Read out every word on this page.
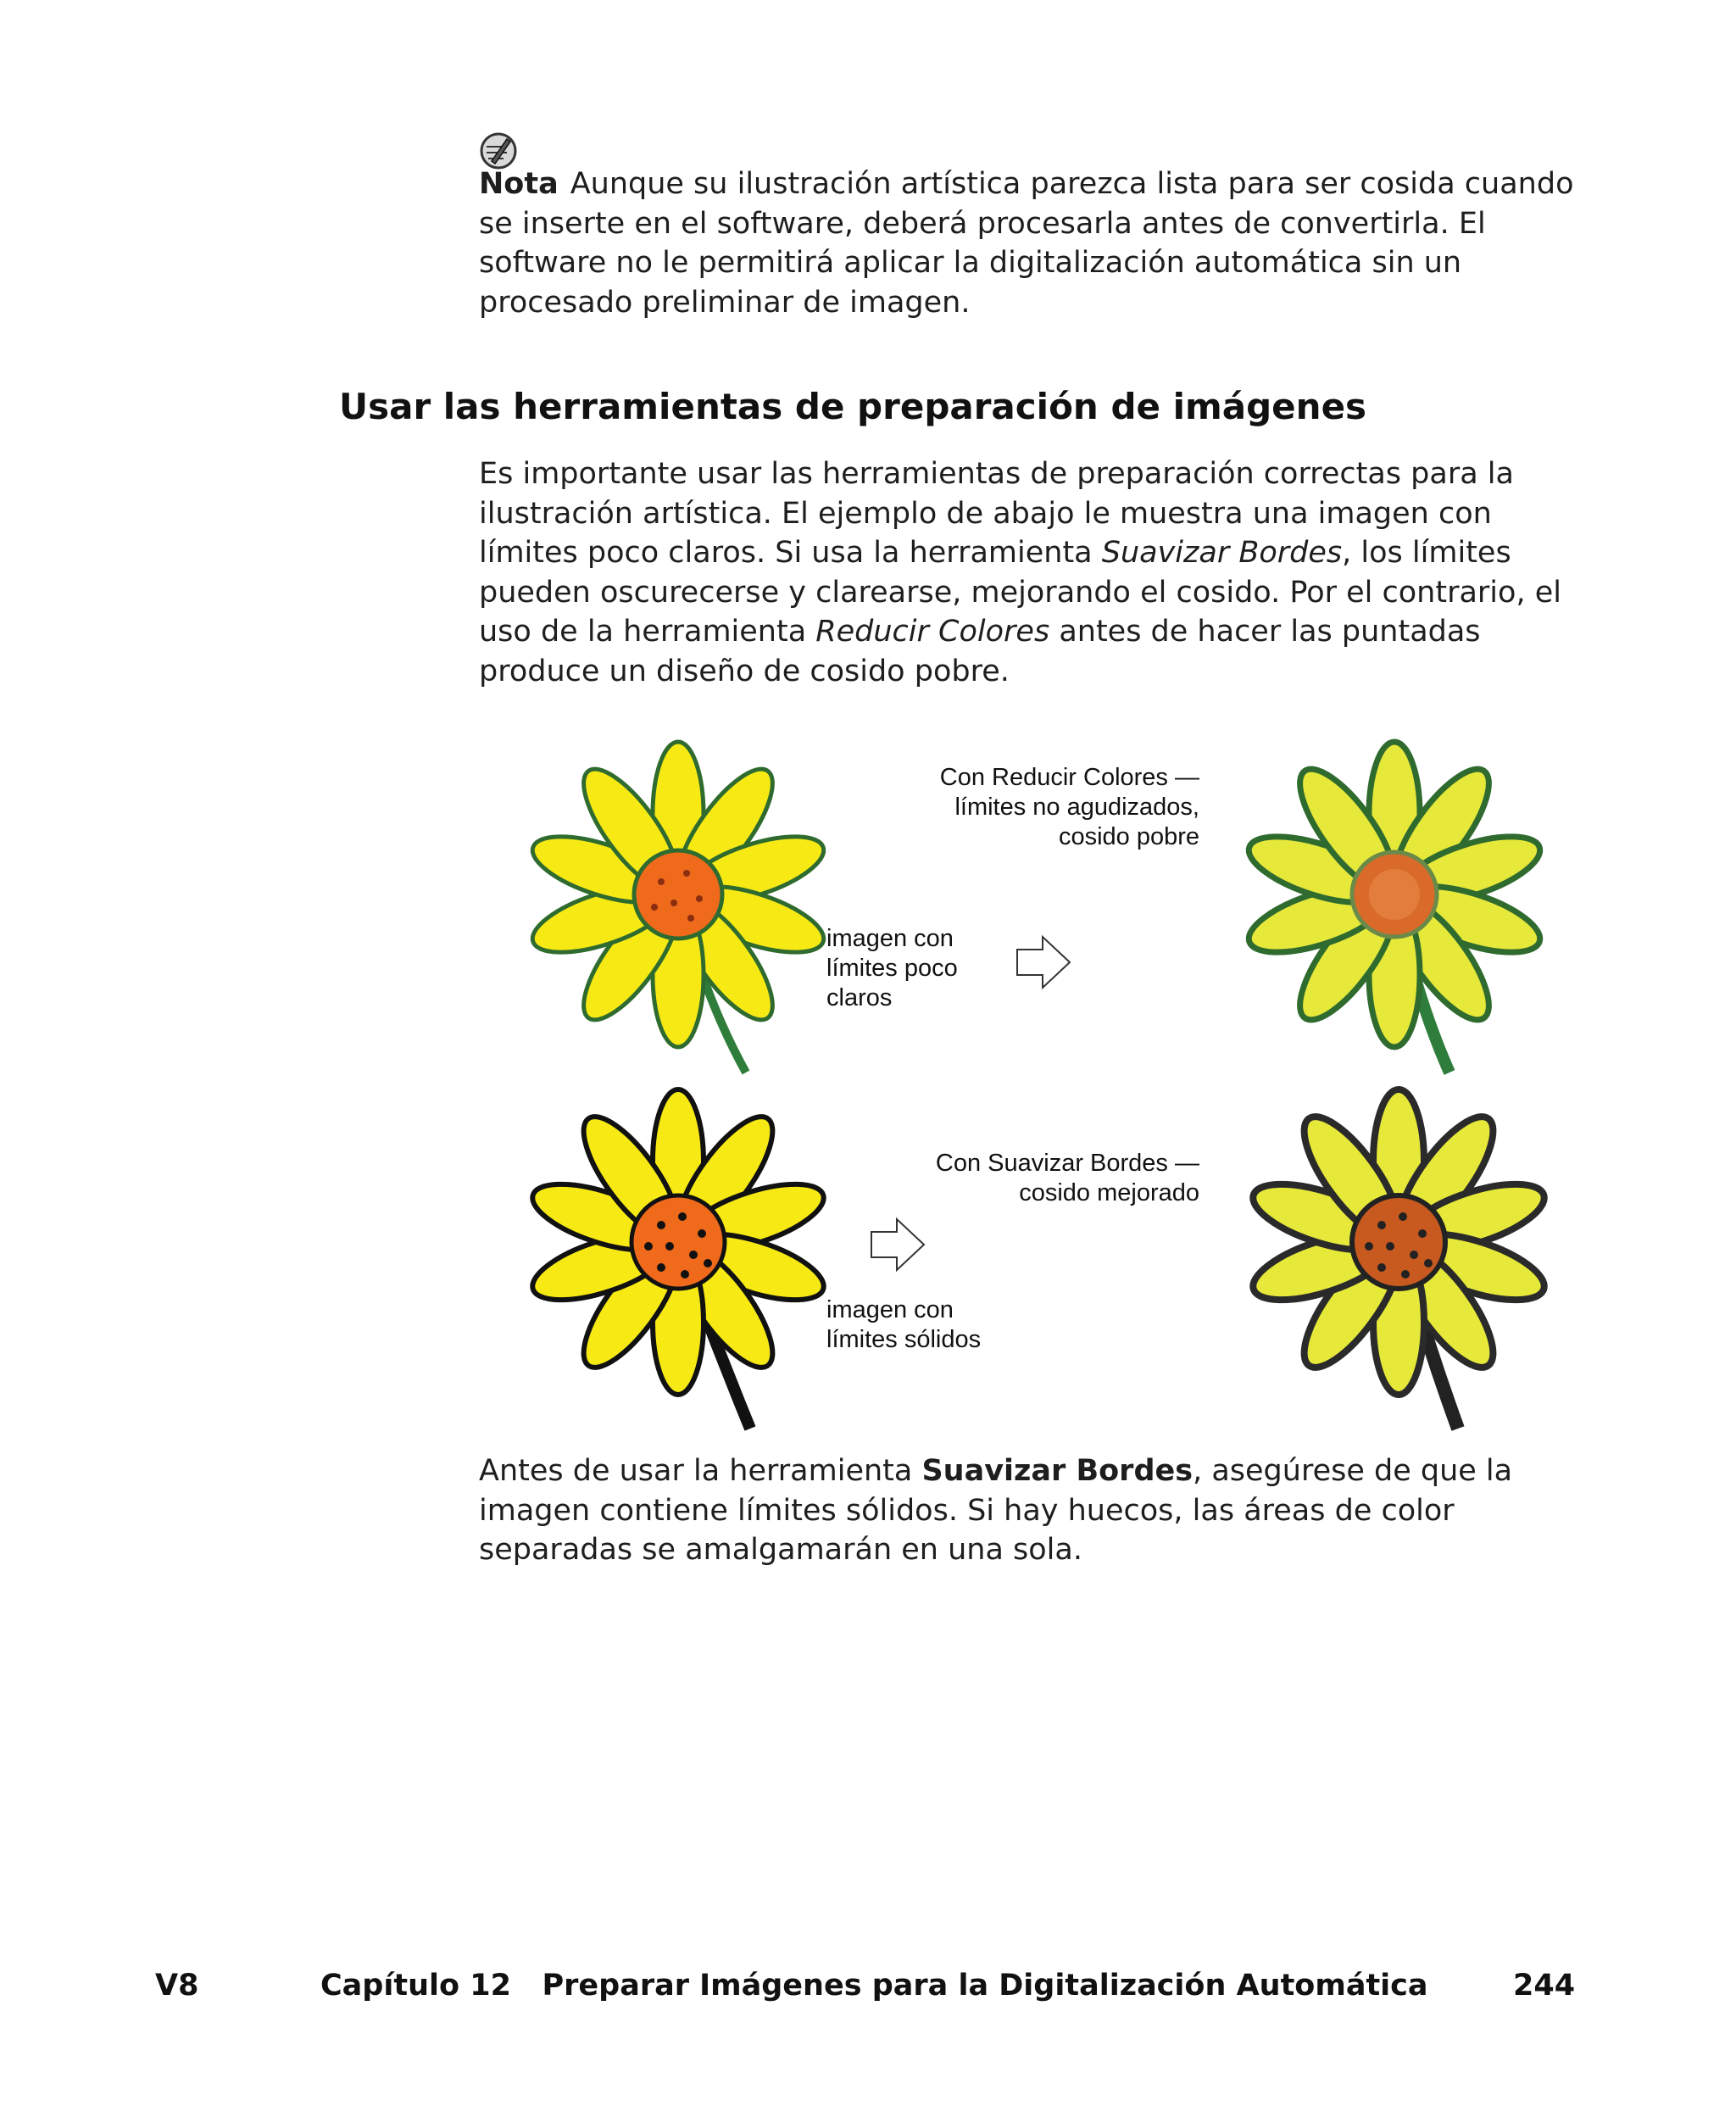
Nota Aunque su ilustración artística parezca lista para ser cosida cuando se inserte en el software, deberá procesarla antes de convertirla. El software no le permitirá aplicar la digitalización automática sin un procesado preliminar de imagen.
Usar las herramientas de preparación de imágenes
Es importante usar las herramientas de preparación correctas para la ilustración artística. El ejemplo de abajo le muestra una imagen con límites poco claros. Si usa la herramienta Suavizar Bordes, los límites pueden oscurecerse y clarearse, mejorando el cosido. Por el contrario, el uso de la herramienta Reducir Colores antes de hacer las puntadas produce un diseño de cosido pobre.
imagen con
límites poco
claros
Con Reducir Colores —
límites no agudizados,
cosido pobre
Con Suavizar Bordes —
cosido mejorado
imagen con
límites sólidos
Antes de usar la herramienta Suavizar Bordes, asegúrese de que la imagen contiene límites sólidos. Si hay huecos, las áreas de color separadas se amalgamarán en una sola.
V8	Capítulo 12   Preparar Imágenes para la Digitalización Automática	244
